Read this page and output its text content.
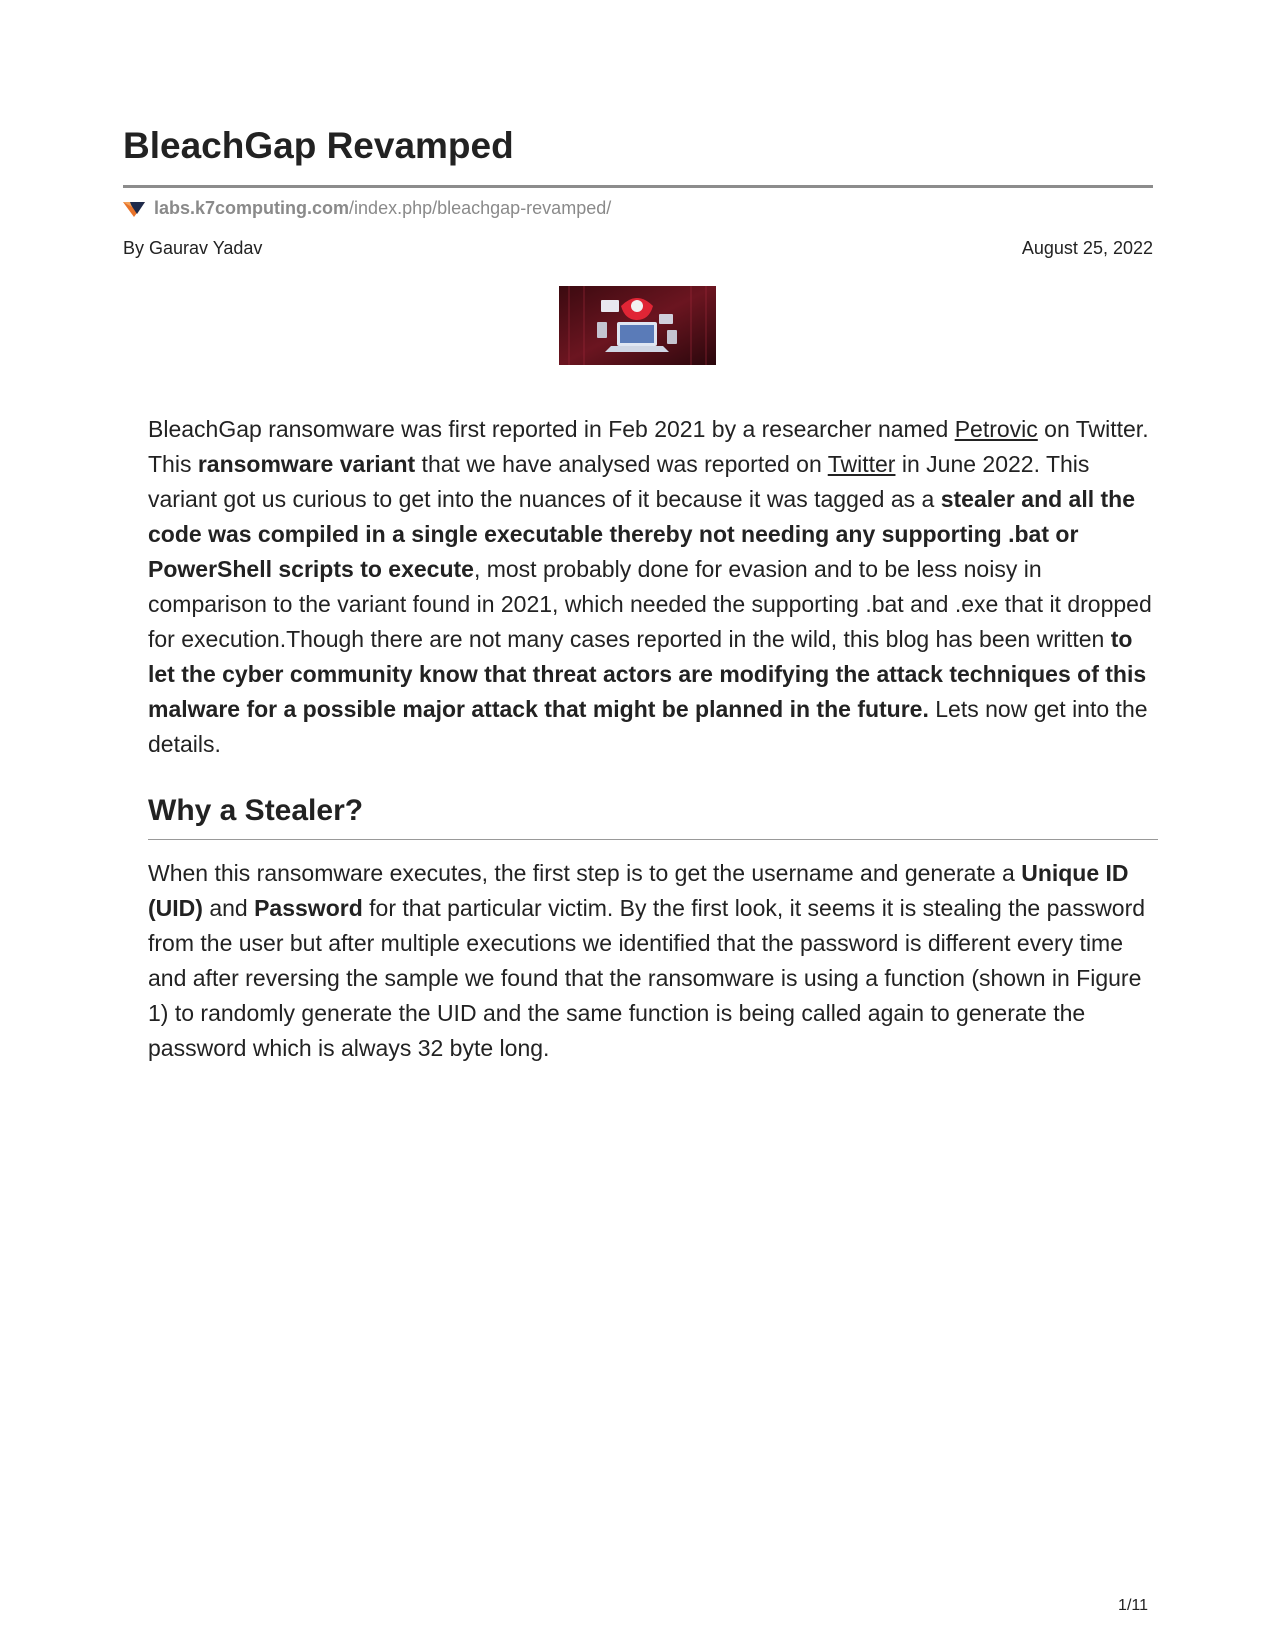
BleachGap Revamped
labs.k7computing.com/index.php/bleachgap-revamped/
By Gaurav Yadav	August 25, 2022

BleachGap ransomware was first reported in Feb 2021 by a researcher named Petrovic on Twitter. This ransomware variant that we have analysed was reported on Twitter in June 2022. This variant got us curious to get into the nuances of it because it was tagged as a stealer and all the code was compiled in a single executable thereby not needing any supporting .bat or PowerShell scripts to execute, most probably done for evasion and to be less noisy in comparison to the variant found in 2021, which needed the supporting .bat and .exe that it dropped for execution.Though there are not many cases reported in the wild, this blog has been written to let the cyber community know that threat actors are modifying the attack techniques of this malware for a possible major attack that might be planned in the future. Lets now get into the details.

Why a Stealer?

When this ransomware executes, the first step is to get the username and generate a Unique ID (UID) and Password for that particular victim. By the first look, it seems it is stealing the password from the user but after multiple executions we identified that the password is different every time and after reversing the sample we found that the ransomware is using a function (shown in Figure 1) to randomly generate the UID and the same function is being called again to generate the password which is always 32 byte long.

1/11
